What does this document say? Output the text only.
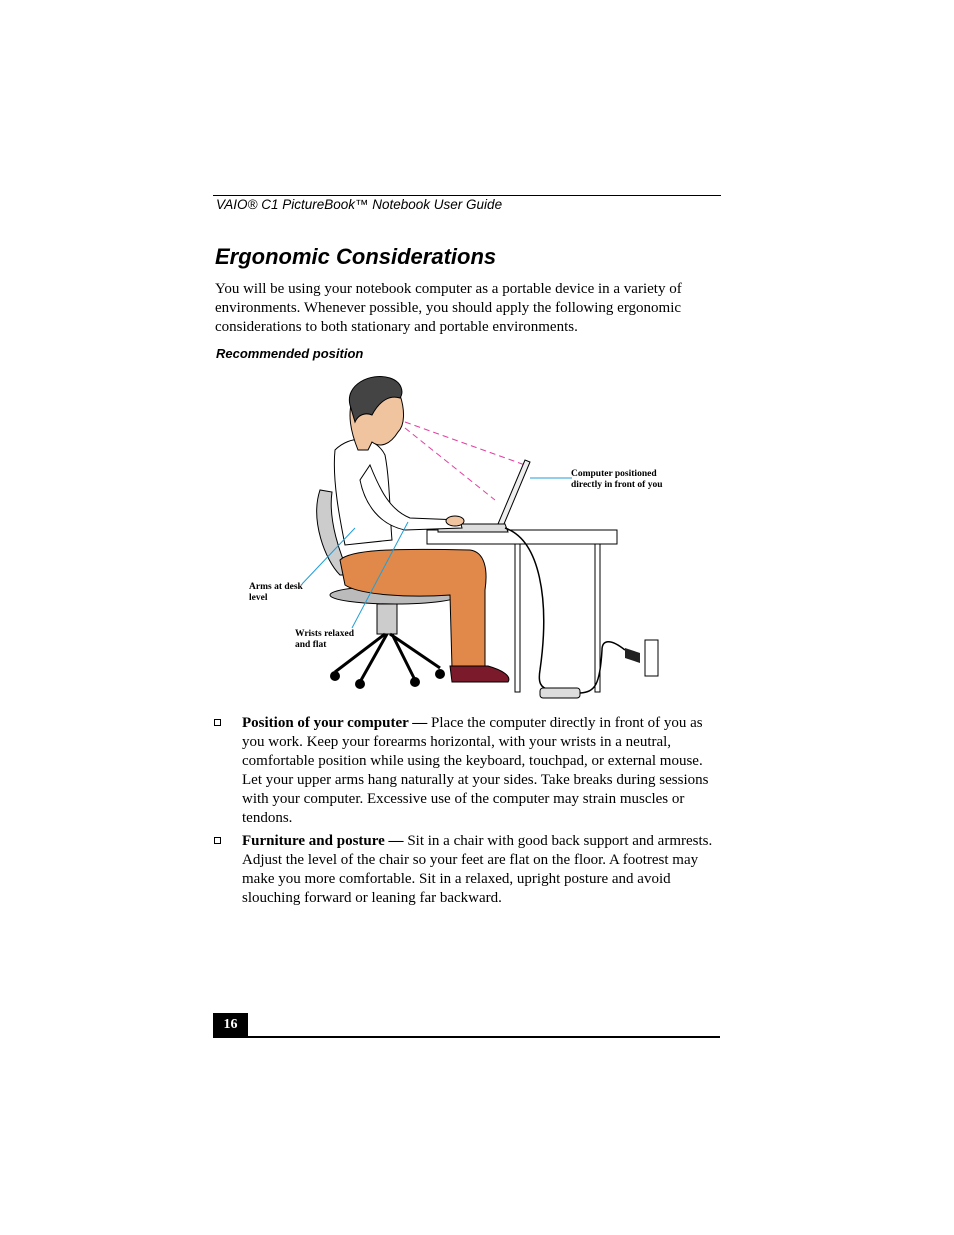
VAIO® C1 PictureBook™ Notebook User Guide
Ergonomic Considerations

You will be using your notebook computer as a portable device in a variety of environments. Whenever possible, you should apply the following ergonomic considerations to both stationary and portable environments.

Recommended position
Computer positioned
directly in front of you
Arms at desk
level
Wrists relaxed
and flat
Position of your computer — Place the computer directly in front of you as you work. Keep your forearms horizontal, with your wrists in a neutral, comfortable position while using the keyboard, touchpad, or external mouse. Let your upper arms hang naturally at your sides. Take breaks during sessions with your computer. Excessive use of the computer may strain muscles or tendons.
Furniture and posture — Sit in a chair with good back support and armrests. Adjust the level of the chair so your feet are flat on the floor. A footrest may make you more comfortable. Sit in a relaxed, upright posture and avoid slouching forward or leaning far backward.
16
